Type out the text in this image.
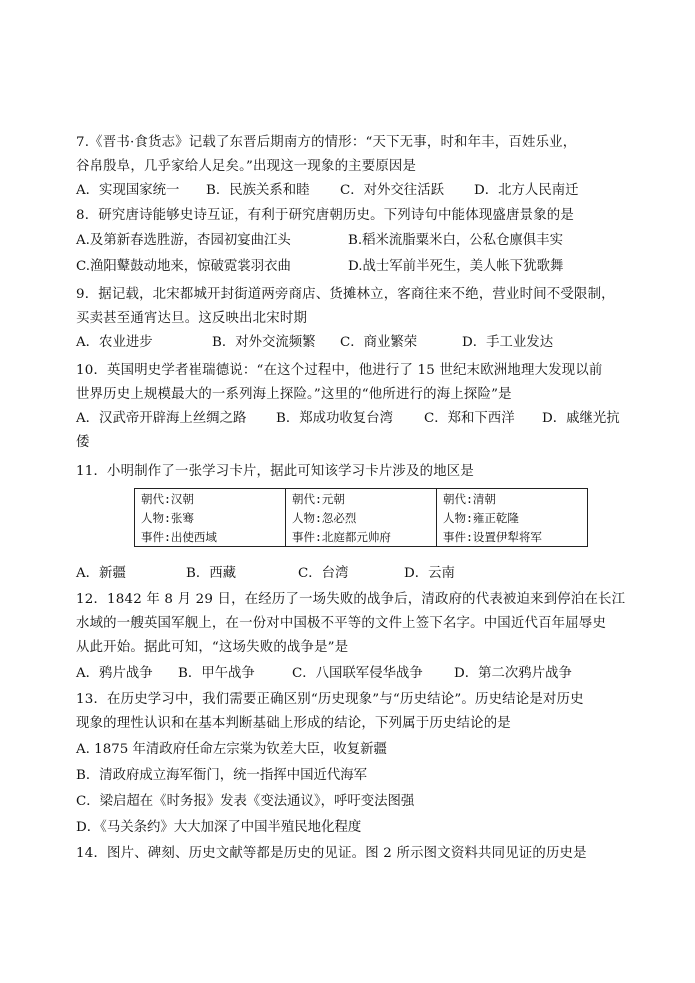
7.《晋书·食货志》记载了东晋后期南方的情形：“天下无事，时和年丰，百姓乐业，
谷帛殷阜，几乎家给人足矣。”出现这一现象的主要原因是
A．实现国家统一 B．民族关系和睦 C．对外交往活跃 D．北方人民南迁
8．研究唐诗能够史诗互证，有利于研究唐朝历史。下列诗句中能体现盛唐景象的是
A.及第新春选胜游，杏园初宴曲江头	B.稻米流脂粟米白，公私仓廪俱丰实
C.渔阳鼙鼓动地来，惊破霓裳羽衣曲	D.战士军前半死生，美人帐下犹歌舞
9．据记载，北宋都城开封街道两旁商店、货摊林立，客商往来不绝，营业时间不受限制，
买卖甚至通宵达旦。这反映出北宋时期
A．农业进步	B．对外交流频繁 C．商业繁荣	D．手工业发达
10．英国明史学者崔瑞德说：“在这个过程中，他进行了 15 世纪末欧洲地理大发现以前
世界历史上规模最大的一系列海上探险。”这里的“他所进行的海上探险”是
A．汉武帝开辟海上丝绸之路 B．郑成功收复台湾 C．郑和下西洋 D．戚继光抗
倭
11．小明制作了一张学习卡片，据此可知该学习卡片涉及的地区是
朝代:汉朝	朝代:元朝	朝代:清朝
人物:张骞	人物:忽必烈	人物:雍正乾隆
事件:出使西域	事件:北庭都元帅府	事件:设置伊犁将军
A．新疆	B．西藏	C．台湾	D．云南
12．1842 年 8 月 29 日，在经历了一场失败的战争后，清政府的代表被迫来到停泊在长江
水域的一艘英国军舰上，在一份对中国极不平等的文件上签下名字。中国近代百年屈辱史
从此开始。据此可知，“这场失败的战争是”是
A．鸦片战争 B．甲午战争	C．八国联军侵华战争 D．第二次鸦片战争
13．在历史学习中，我们需要正确区别“历史现象”与“历史结论”。历史结论是对历史
现象的理性认识和在基本判断基础上形成的结论，下列属于历史结论的是
A. 1875 年清政府任命左宗棠为钦差大臣，收复新疆
B．清政府成立海军衙门，统一指挥中国近代海军
C．梁启超在《时务报》发表《变法通议》，呼吁变法图强
D．《马关条约》大大加深了中国半殖民地化程度
14．图片、碑刻、历史文献等都是历史的见证。图 2 所示图文资料共同见证的历史是
